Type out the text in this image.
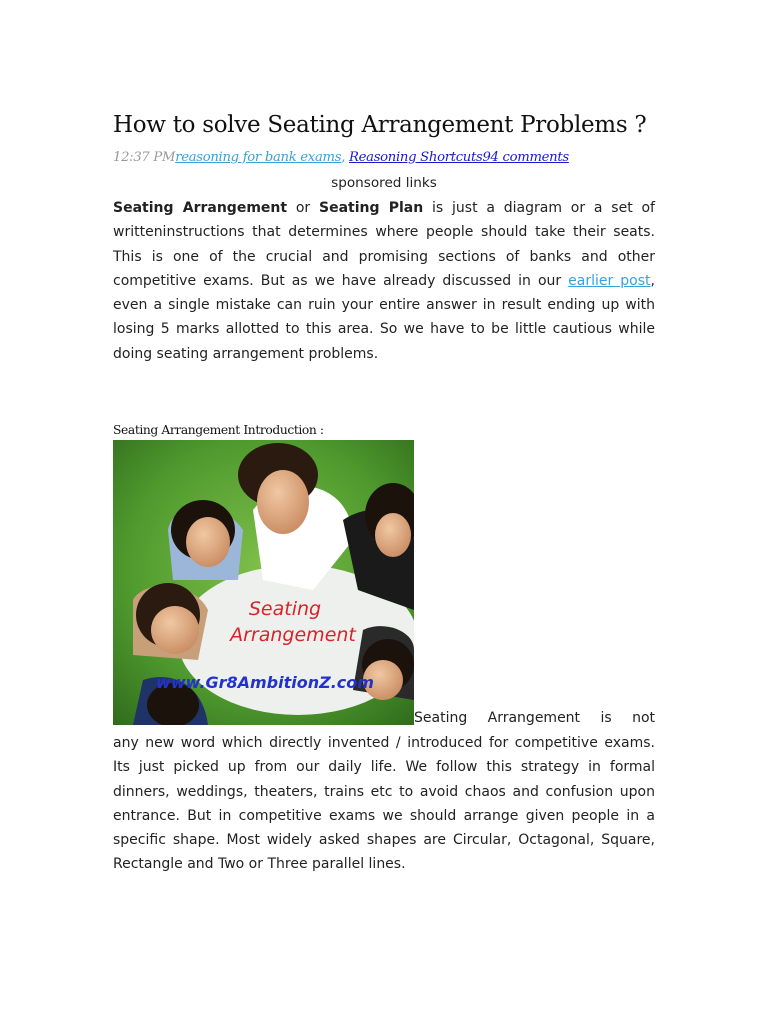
How to solve Seating Arrangement Problems ?
12:37 PMreasoning for bank exams, Reasoning Shortcuts94 comments
sponsored links

Seating Arrangement or Seating Plan is just a diagram or a set of writteninstructions that determines where people should take their seats. This is one of the crucial and promising sections of banks and other competitive exams. But as we have already discussed in our earlier post, even a single mistake can ruin your entire answer in result ending up with losing 5 marks allotted to this area. So we have to be little cautious while doing seating arrangement problems.

Seating Arrangement Introduction :
Seating
Arrangement
www.Gr8AmbitionZ.com
Seating Arrangement is not

any new word which directly invented / introduced for competitive exams. Its just picked up from our daily life. We follow this strategy in formal dinners, weddings, theaters, trains etc to avoid chaos and confusion upon entrance. But in competitive exams we should arrange given people in a specific shape. Most widely asked shapes are Circular, Octagonal, Square, Rectangle and Two or Three parallel lines.
